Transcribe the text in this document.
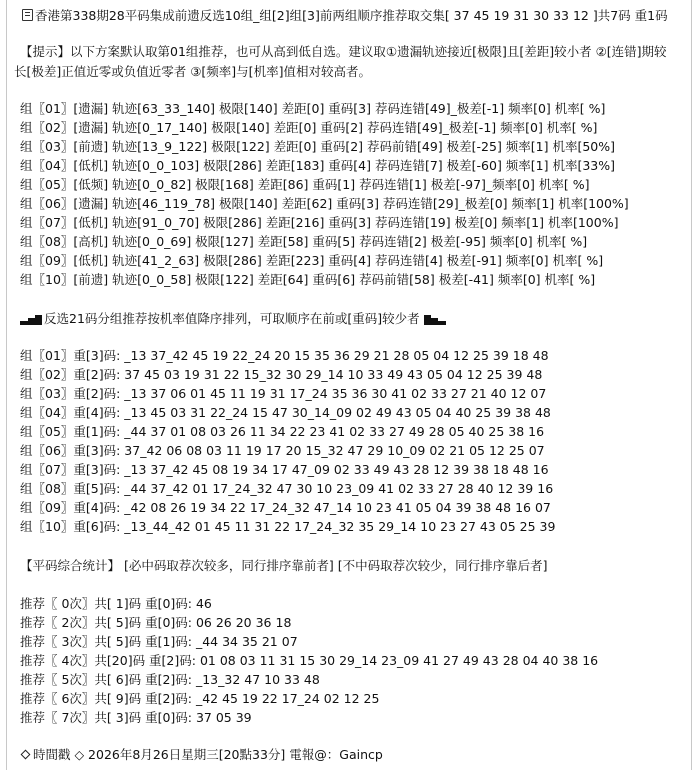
香港第338期28平码集成前遗反选10组_组[2]组[3]前两组顺序推荐取交集[ 37 45 19 31 30 33 12 ]共7码 重1码
【提示】以下方案默认取第01组推荐，也可从高到低自选。建议取①遗漏轨迹接近[极限]且[差距]较小者 ②[连错]期较
长[极差]正值近零或负值近零者 ③[频率]与[机率]值相对较高者。
组〖01〗[遗漏] 轨迹[63_33_140] 极限[140] 差距[0] 重码[3] 荐码连错[49]_极差[-1] 频率[0] 机率[ %]
组〖02〗[遗漏] 轨迹[0_17_140] 极限[140] 差距[0] 重码[2] 荐码连错[49]_极差[-1] 频率[0] 机率[ %]
组〖03〗[前遗] 轨迹[13_9_122] 极限[122] 差距[0] 重码[2] 荐码前错[49] 极差[-25] 频率[1] 机率[50%]
组〖04〗[低机] 轨迹[0_0_103] 极限[286] 差距[183] 重码[4] 荐码连错[7] 极差[-60] 频率[1] 机率[33%]
组〖05〗[低频] 轨迹[0_0_82] 极限[168] 差距[86] 重码[1] 荐码连错[1] 极差[-97]_频率[0] 机率[ %]
组〖06〗[遗漏] 轨迹[46_119_78] 极限[140] 差距[62] 重码[3] 荐码连错[29]_极差[0] 频率[1] 机率[100%]
组〖07〗[低机] 轨迹[91_0_70] 极限[286] 差距[216] 重码[3] 荐码连错[19] 极差[0] 频率[1] 机率[100%]
组〖08〗[高机] 轨迹[0_0_69] 极限[127] 差距[58] 重码[5] 荐码连错[2] 极差[-95] 频率[0] 机率[ %]
组〖09〗[低机] 轨迹[41_2_63] 极限[286] 差距[223] 重码[4] 荐码连错[4] 极差[-91] 频率[0] 机率[ %]
组〖10〗[前遗] 轨迹[0_0_58] 极限[122] 差距[64] 重码[6] 荐码前错[58] 极差[-41] 频率[0] 机率[ %]
反选21码分组推荐按机率值降序排列，可取顺序在前或[重码]较少者
组〖01〗重[3]码: _13 37_42 45 19 22_24 20 15 35 36 29 21 28 05 04 12 25 39 18 48
组〖02〗重[2]码: 37 45 03 19 31 22 15_32 30 29_14 10 33 49 43 05 04 12 25 39 48
组〖03〗重[2]码: _13 37 06 01 45 11 19 31 17_24 35 36 30 41 02 33 27 21 40 12 07
组〖04〗重[4]码: _13 45 03 31 22_24 15 47 30_14_09 02 49 43 05 04 40 25 39 38 48
组〖05〗重[1]码: _44 37 01 08 03 26 11 34 22 23 41 02 33 27 49 28 05 40 25 38 16
组〖06〗重[3]码: 37_42 06 08 03 11 19 17 20 15_32 47 29 10_09 02 21 05 12 25 07
组〖07〗重[3]码: _13 37_42 45 08 19 34 17 47_09 02 33 49 43 28 12 39 38 18 48 16
组〖08〗重[5]码: _44 37_42 01 17_24_32 47 30 10 23_09 41 02 33 27 28 40 12 39 16
组〖09〗重[4]码: _42 08 26 19 34 22 17_24_32 47_14 10 23 41 05 04 39 38 48 16 07
组〖10〗重[6]码: _13_44_42 01 45 11 31 22 17_24_32 35 29_14 10 23 27 43 05 25 39
【平码综合统计】 [必中码取荐次较多，同行排序靠前者] [不中码取荐次较少，同行排序靠后者]
推荐〖 0次〗共[ 1]码 重[0]码: 46
推荐〖 2次〗共[ 5]码 重[0]码: 06 26 20 36 18
推荐〖 3次〗共[ 5]码 重[1]码: _44 34 35 21 07
推荐〖 4次〗共[20]码 重[2]码: 01 08 03 11 31 15 30 29_14 23_09 41 27 49 43 28 04 40 38 16
推荐〖 5次〗共[ 6]码 重[2]码: _13_32 47 10 33 48
推荐〖 6次〗共[ 9]码 重[2]码: _42 45 19 22 17_24 02 12 25
推荐〖 7次〗共[ 3]码 重[0]码: 37 05 39
時間戳 ◇ 2026年8月26日星期三[20點33分] 電報@：Gaincp
